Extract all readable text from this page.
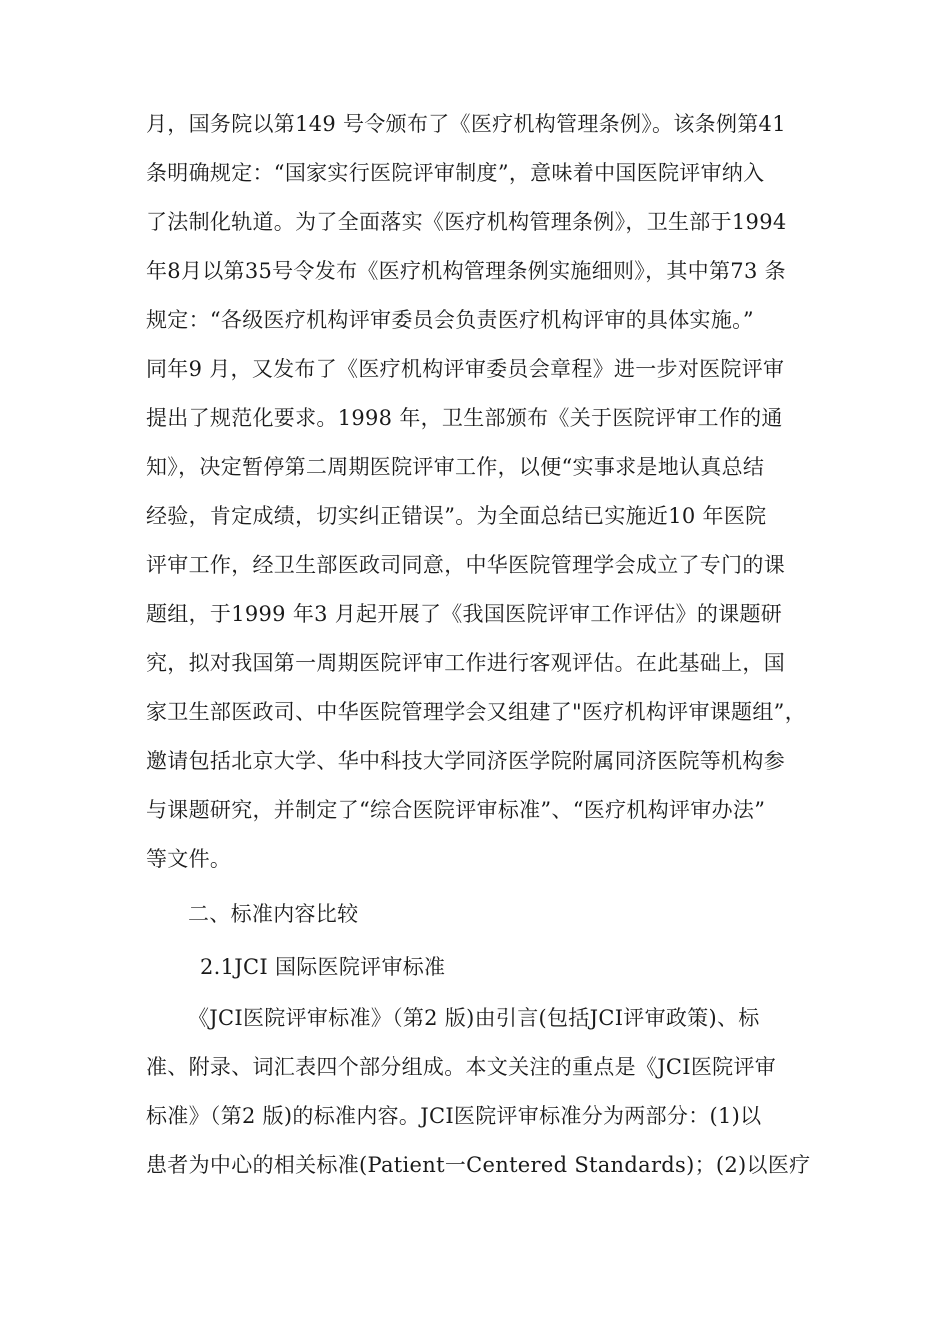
月，国务院以第149 号令颁布了《医疗机构管理条例》。该条例第41
条明确规定：“国家实行医院评审制度”，意味着中国医院评审纳入
了法制化轨道。为了全面落实《医疗机构管理条例》，卫生部于1994
年8月以第35号令发布《医疗机构管理条例实施细则》，其中第73 条
规定：“各级医疗机构评审委员会负责医疗机构评审的具体实施。”
同年9 月，又发布了《医疗机构评审委员会章程》进一步对医院评审
提出了规范化要求。1998 年，卫生部颁布《关于医院评审工作的通
知》，决定暂停第二周期医院评审工作，以便“实事求是地认真总结
经验，肯定成绩，切实纠正错误”。为全面总结已实施近10 年医院
评审工作，经卫生部医政司同意，中华医院管理学会成立了专门的课
题组，于1999 年3 月起开展了《我国医院评审工作评估》的课题研
究，拟对我国第一周期医院评审工作进行客观评估。在此基础上，国
家卫生部医政司、中华医院管理学会又组建了"医疗机构评审课题组”，
邀请包括北京大学、华中科技大学同济医学院附属同济医院等机构参
与课题研究，并制定了“综合医院评审标准”、“医疗机构评审办法”
等文件。
二、标准内容比较
2.1JCI 国际医院评审标准
《JCI医院评审标准》（第2 版)由引言(包括JCI评审政策)、标
准、附录、词汇表四个部分组成。本文关注的重点是《JCI医院评审
标准》（第2 版)的标准内容。JCI医院评审标准分为两部分：(1)以
患者为中心的相关标准(Patient一Centered Standards)；(2)以医疗
